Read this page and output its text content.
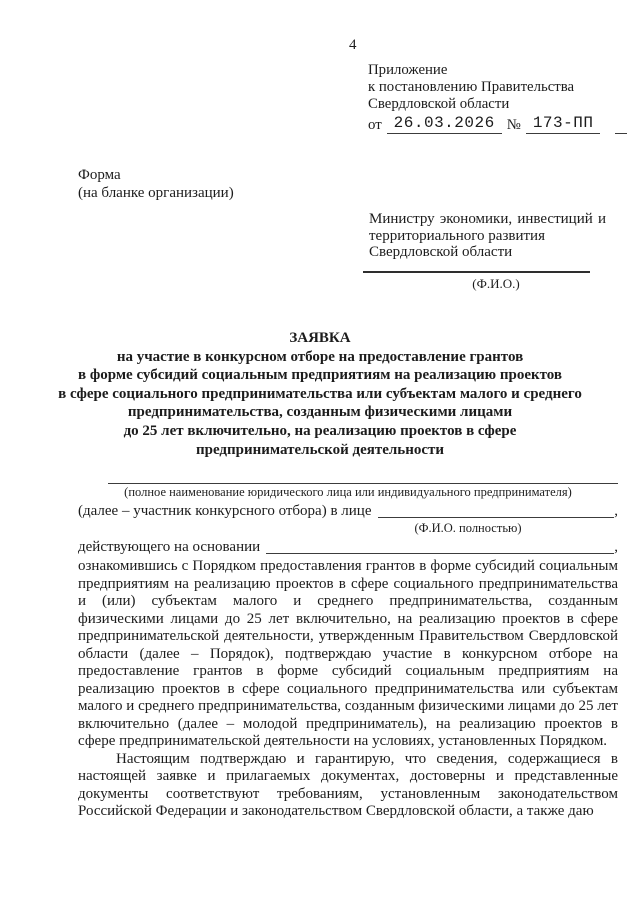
4
Приложение
к постановлению Правительства
Свердловской области
от 26.03.2026 № 173-ПП
Форма
(на бланке организации)
Министру экономики, инвестиций и
территориального развития
Свердловской области
(Ф.И.О.)
ЗАЯВКА
на участие в конкурсном отборе на предоставление грантов
в форме субсидий социальным предприятиям на реализацию проектов
в сфере социального предпринимательства или субъектам малого и среднего
предпринимательства, созданным физическими лицами
до 25 лет включительно, на реализацию проектов в сфере
предпринимательской деятельности
(полное наименование юридического лица или индивидуального предпринимателя)
(далее – участник конкурсного отбора) в лице	,
(Ф.И.О. полностью)
действующего на основании	,

ознакомившись с Порядком предоставления грантов в форме субсидий социальным предприятиям на реализацию проектов в сфере социального предпринимательства и (или) субъектам малого и среднего предпринимательства, созданным физическими лицами до 25 лет включительно, на реализацию проектов в сфере предпринимательской деятельности, утвержденным Правительством Свердловской области (далее – Порядок), подтверждаю участие в конкурсном отборе на предоставление грантов в форме субсидий социальным предприятиям на реализацию проектов в сфере социального предпринимательства или субъектам малого и среднего предпринимательства, созданным физическими лицами до 25 лет включительно (далее – молодой предприниматель), на реализацию проектов в сфере предпринимательской деятельности на условиях, установленных Порядком.

Настоящим подтверждаю и гарантирую, что сведения, содержащиеся в настоящей заявке и прилагаемых документах, достоверны и представленные документы соответствуют требованиям, установленным законодательством Российской Федерации и законодательством Свердловской области, а также даю
